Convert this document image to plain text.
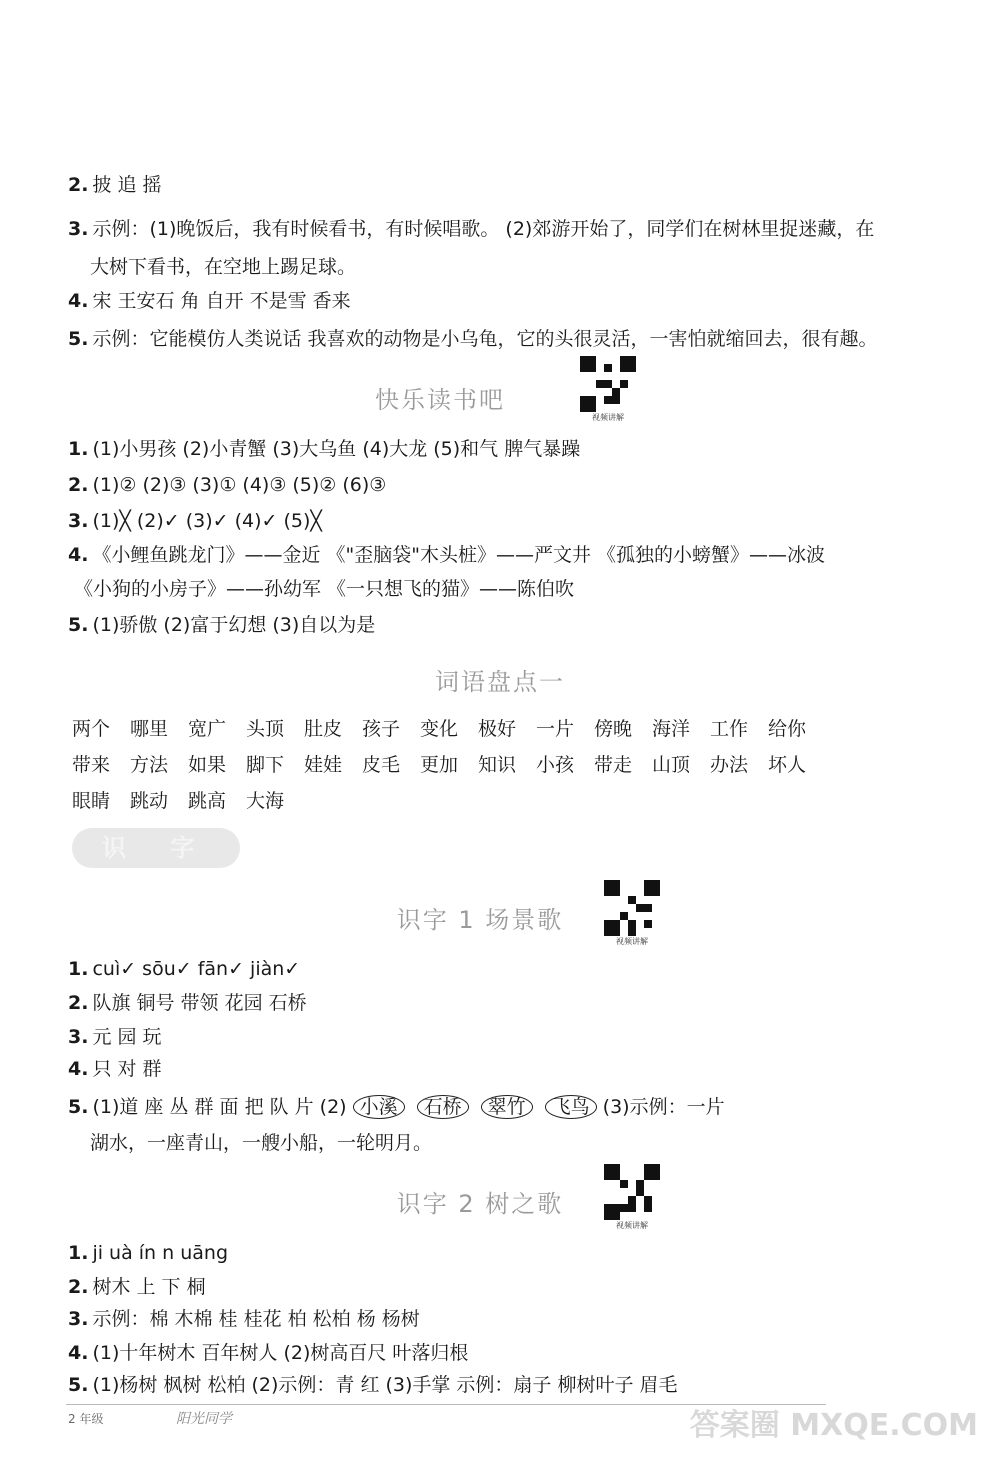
2. 披 追 摇
3. 示例：(1)晚饭后，我有时候看书，有时候唱歌。 (2)郊游开始了，同学们在树林里捉迷藏，在
大树下看书，在空地上踢足球。
4. 宋 王安石 角 自开 不是雪 香来
5. 示例：它能模仿人类说话 我喜欢的动物是小乌龟，它的头很灵活，一害怕就缩回去，很有趣。
快乐读书吧
视频讲解
1. (1)小男孩 (2)小青蟹 (3)大乌鱼 (4)大龙 (5)和气 脾气暴躁
2. (1)② (2)③ (3)① (4)③ (5)② (6)③
3. (1)╳ (2)✓ (3)✓ (4)✓ (5)╳
4. 《小鲤鱼跳龙门》——金近 《"歪脑袋"木头桩》——严文井 《孤独的小螃蟹》——冰波
《小狗的小房子》——孙幼军 《一只想飞的猫》——陈伯吹
5. (1)骄傲 (2)富于幻想 (3)自以为是
词语盘点一
两个 哪里 宽广 头顶 肚皮 孩子 变化 极好 一片 傍晚 海洋 工作 给你
带来 方法 如果 脚下 娃娃 皮毛 更加 知识 小孩 带走 山顶 办法 坏人
眼睛 跳动 跳高 大海
识 字
识字 1 场景歌
视频讲解
1. cuì✓ sōu✓ fān✓ jiàn✓
2. 队旗 铜号 带领 花园 石桥
3. 元 园 玩
4. 只 对 群
5. (1)道 座 丛 群 面 把 队 片 (2) 小溪 石桥 翠竹 飞鸟 (3)示例：一片
湖水，一座青山，一艘小船，一轮明月。
识字 2 树之歌
视频讲解
1. ji uà ín n uāng
2. 树木 上 下 桐
3. 示例：棉 木棉 桂 桂花 柏 松柏 杨 杨树
4. (1)十年树木 百年树人 (2)树高百尺 叶落归根
5. (1)杨树 枫树 松柏 (2)示例：青 红 (3)手掌 示例：扇子 柳树叶子 眉毛
2 年级	阳光同学	答案圈 MXQE.COM
